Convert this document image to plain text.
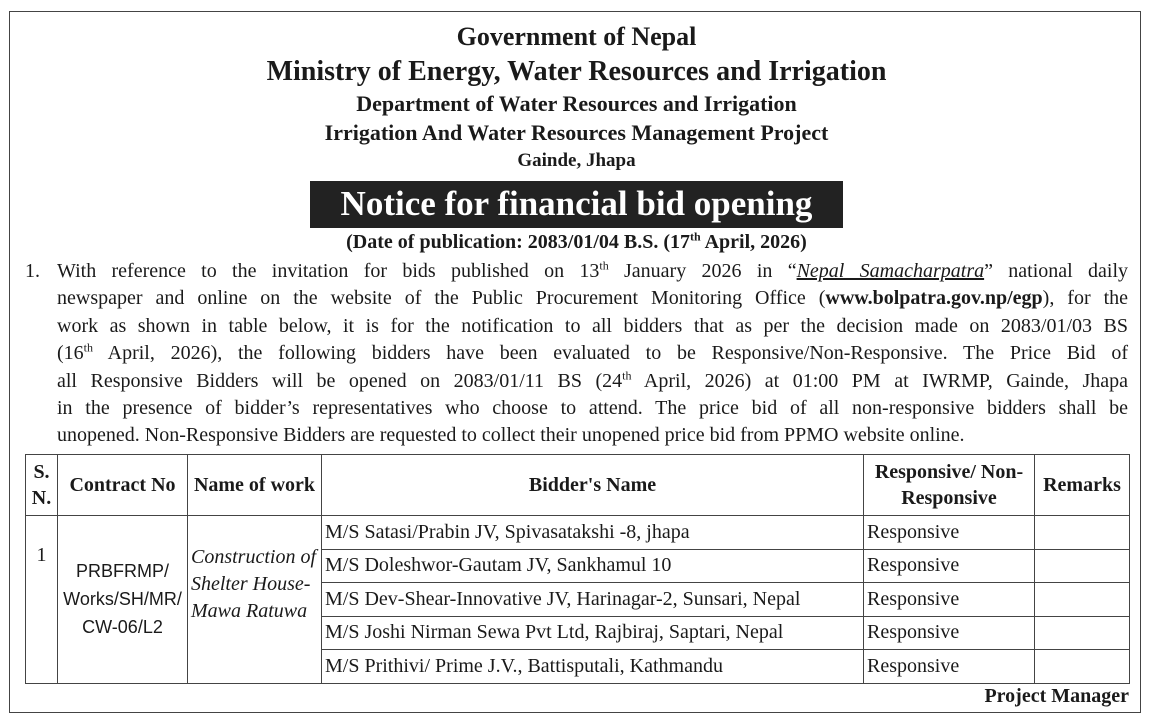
Government of Nepal
Ministry of Energy, Water Resources and Irrigation
Department of Water Resources and Irrigation
Irrigation And Water Resources Management Project
Gainde, Jhapa
Notice for financial bid opening
(Date of publication: 2083/01/04 B.S. (17th April, 2026)
1. With reference to the invitation for bids published on 13th January 2026 in “Nepal Samacharpatra” national daily
newspaper and online on the website of the Public Procurement Monitoring Office (www.bolpatra.gov.np/egp), for the
work as shown in table below, it is for the notification to all bidders that as per the decision made on 2083/01/03 BS
(16th April, 2026), the following bidders have been evaluated to be Responsive/Non-Responsive. The Price Bid of
all Responsive Bidders will be opened on 2083/01/11 BS (24th April, 2026) at 01:00 PM at IWRMP, Gainde, Jhapa
in the presence of bidder’s representatives who choose to attend. The price bid of all non-responsive bidders shall be
unopened. Non-Responsive Bidders are requested to collect their unopened price bid from PPMO website online.
S. N.	Contract No	Name of work	Bidder's Name	Responsive/ Non-Responsive	Remarks
1	PRBFRMP/ Works/SH/MR/ CW-06/L2	Construction of Shelter House-Mawa Ratuwa	M/S Satasi/Prabin JV, Spivasatakshi -8, jhapa	Responsive	
			M/S Doleshwor-Gautam JV, Sankhamul 10	Responsive	
			M/S Dev-Shear-Innovative JV, Harinagar-2, Sunsari, Nepal	Responsive	
			M/S Joshi Nirman Sewa Pvt Ltd, Rajbiraj, Saptari, Nepal	Responsive	
			M/S Prithivi/ Prime J.V., Battisputali, Kathmandu	Responsive	
Project Manager
